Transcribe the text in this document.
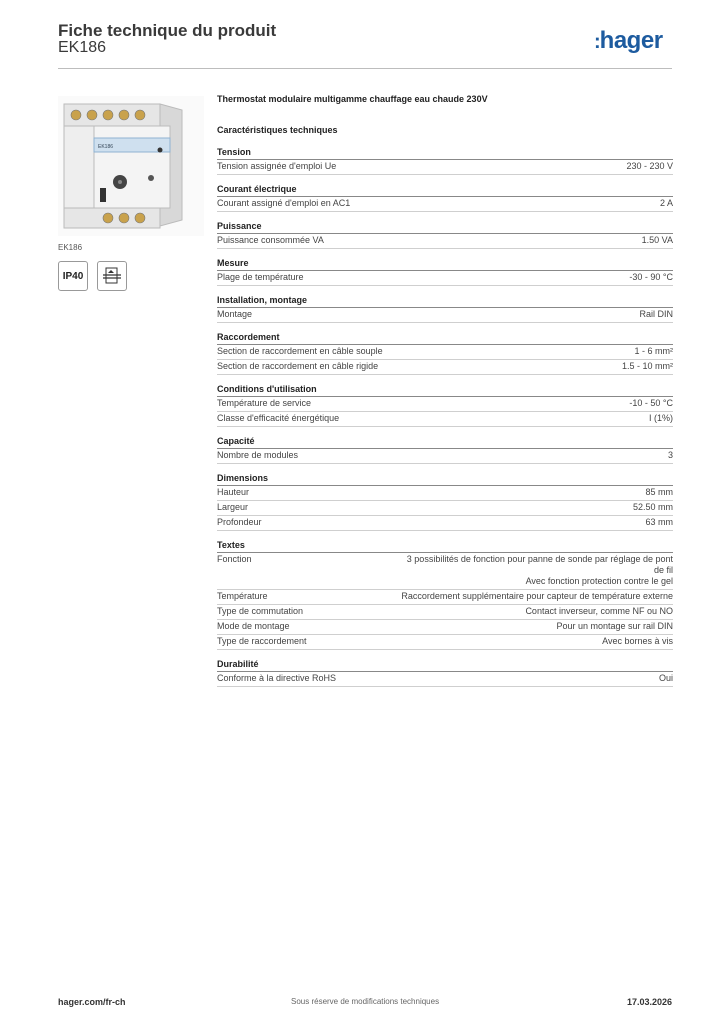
Fiche technique du produit
EK186	:hager
EK186
EK186
IP40
Thermostat modulaire multigamme chauffage eau chaude 230V
Caractéristiques techniques
Tension
Tension assignée d'emploi Ue	230 - 230 V
Courant électrique
Courant assigné d'emploi en AC1	2 A
Puissance
Puissance consommée VA	1.50 VA
Mesure
Plage de température	-30 - 90 °C
Installation, montage
Montage	Rail DIN
Raccordement
Section de raccordement en câble souple	1 - 6 mm²
Section de raccordement en câble rigide	1.5 - 10 mm²
Conditions d'utilisation
Température de service	-10 - 50 °C
Classe d'efficacité énergétique	I (1%)
Capacité
Nombre de modules	3
Dimensions
Hauteur	85 mm
Largeur	52.50 mm
Profondeur	63 mm
Textes
Fonction	3 possibilités de fonction pour panne de sonde par réglage de pont de fil
Avec fonction protection contre le gel
Température	Raccordement supplémentaire pour capteur de température externe
Type de commutation	Contact inverseur, comme NF ou NO
Mode de montage	Pour un montage sur rail DIN
Type de raccordement	Avec bornes à vis
Durabilité
Conforme à la directive RoHS	Oui
hager.com/fr-ch	Sous réserve de modifications techniques	17.03.2026
